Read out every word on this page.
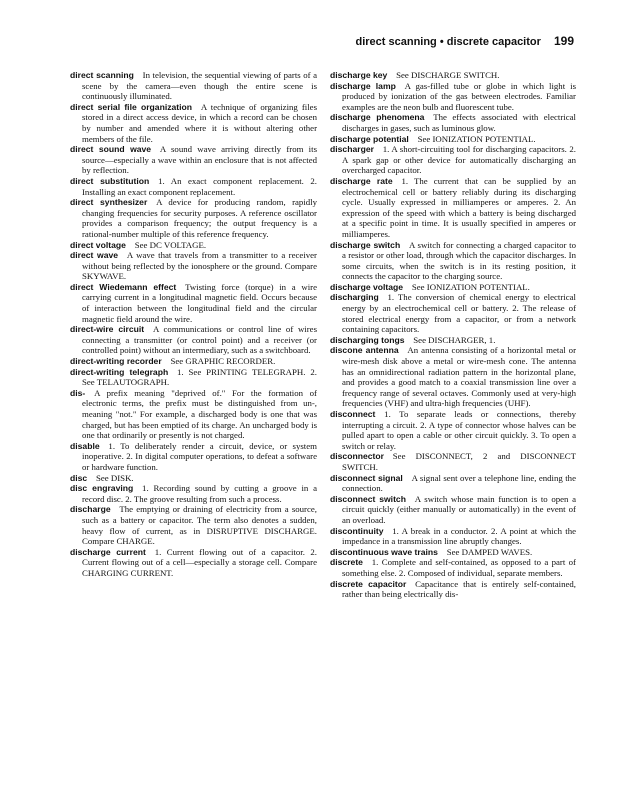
direct scanning • discrete capacitor 199

direct scanning  In television, the sequential viewing of parts of a scene by the camera—even though the entire scene is continuously illuminated.

direct serial file organization  A technique of organizing files stored in a direct access device, in which a record can be chosen by number and amended where it is without altering other members of the file.

direct sound wave  A sound wave arriving directly from its source—especially a wave within an enclosure that is not affected by reflection.

direct substitution  1. An exact component replacement. 2. Installing an exact component replacement.

direct synthesizer  A device for producing random, rapidly changing frequencies for security purposes. A reference oscillator provides a comparison frequency; the output frequency is a rational-number multiple of this reference frequency.

direct voltage  See DC VOLTAGE.

direct wave  A wave that travels from a transmitter to a receiver without being reflected by the ionosphere or the ground. Compare SKYWAVE.

direct Wiedemann effect  Twisting force (torque) in a wire carrying current in a longitudinal magnetic field. Occurs because of interaction between the longitudinal field and the circular magnetic field around the wire.

direct-wire circuit  A communications or control line of wires connecting a transmitter (or control point) and a receiver (or controlled point) without an intermediary, such as a switchboard.

direct-writing recorder  See GRAPHIC RECORDER.

direct-writing telegraph  1. See PRINTING TELEGRAPH. 2. See TELAUTOGRAPH.

dis-  A prefix meaning "deprived of." For the formation of electronic terms, the prefix must be distinguished from un-, meaning "not." For example, a discharged body is one that was charged, but has been emptied of its charge. An uncharged body is one that ordinarily or presently is not charged.

disable  1. To deliberately render a circuit, device, or system inoperative. 2. In digital computer operations, to defeat a software or hardware function.

disc  See DISK.

disc engraving  1. Recording sound by cutting a groove in a record disc. 2. The groove resulting from such a process.

discharge  The emptying or draining of electricity from a source, such as a battery or capacitor. The term also denotes a sudden, heavy flow of current, as in DISRUPTIVE DISCHARGE. Compare CHARGE.

discharge current  1. Current flowing out of a capacitor. 2. Current flowing out of a cell—especially a storage cell. Compare CHARGING CURRENT.

discharge key  See DISCHARGE SWITCH.

discharge lamp  A gas-filled tube or globe in which light is produced by ionization of the gas between electrodes. Familiar examples are the neon bulb and fluorescent tube.

discharge phenomena  The effects associated with electrical discharges in gases, such as luminous glow.

discharge potential  See IONIZATION POTENTIAL.

discharger  1. A short-circuiting tool for discharging capacitors. 2. A spark gap or other device for automatically discharging an overcharged capacitor.

discharge rate  1. The current that can be supplied by an electrochemical cell or battery reliably during its discharging cycle. Usually expressed in milliamperes or amperes. 2. An expression of the speed with which a battery is being discharged at a specific point in time. It is usually specified in amperes or milliamperes.

discharge switch  A switch for connecting a charged capacitor to a resistor or other load, through which the capacitor discharges. In some circuits, when the switch is in its resting position, it connects the capacitor to the charging source.

discharge voltage  See IONIZATION POTENTIAL.

discharging  1. The conversion of chemical energy to electrical energy by an electrochemical cell or battery. 2. The release of stored electrical energy from a capacitor, or from a network containing capacitors.

discharging tongs  See DISCHARGER, 1.

discone antenna  An antenna consisting of a horizontal metal or wire-mesh disk above a metal or wire-mesh cone. The antenna has an omnidirectional radiation pattern in the horizontal plane, and provides a good match to a coaxial transmission line over a frequency range of several octaves. Commonly used at very-high frequencies (VHF) and ultra-high frequencies (UHF).

disconnect  1. To separate leads or connections, thereby interrupting a circuit. 2. A type of connector whose halves can be pulled apart to open a cable or other circuit quickly. 3. To open a switch or relay.

disconnector  See DISCONNECT, 2 and DISCONNECT SWITCH.

disconnect signal  A signal sent over a telephone line, ending the connection.

disconnect switch  A switch whose main function is to open a circuit quickly (either manually or automatically) in the event of an overload.

discontinuity  1. A break in a conductor. 2. A point at which the impedance in a transmission line abruptly changes.

discontinuous wave trains  See DAMPED WAVES.

discrete  1. Complete and self-contained, as opposed to a part of something else. 2. Composed of individual, separate members.

discrete capacitor  Capacitance that is entirely self-contained, rather than being electrically dis-
